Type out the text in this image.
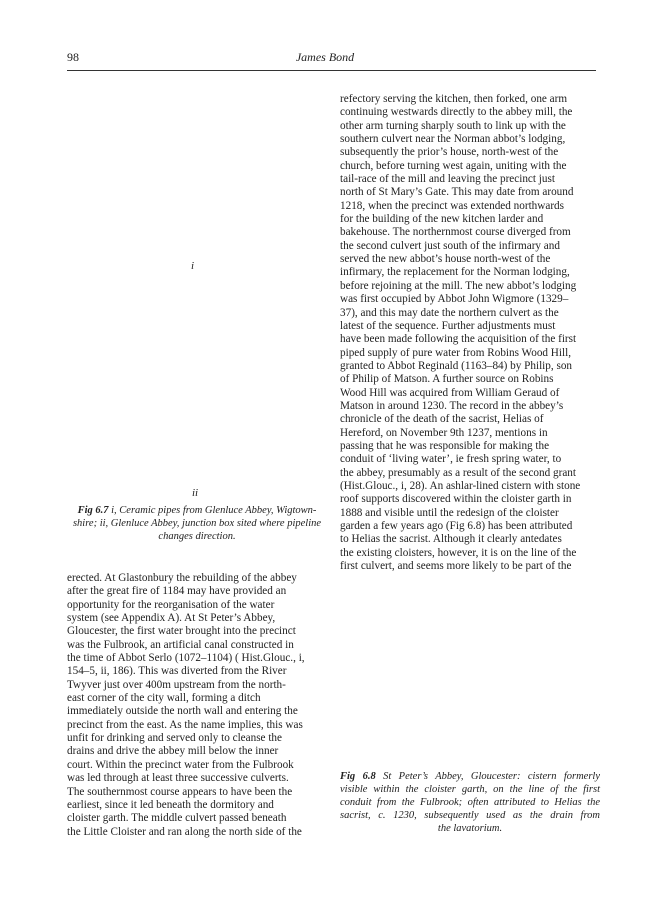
98	James Bond
i
ii

Fig 6.7 i, Ceramic pipes from Glenluce Abbey, Wigtown-

shire; ii, Glenluce Abbey, junction box sited where pipeline

changes direction.

refectory serving the kitchen, then forked, one arm

continuing westwards directly to the abbey mill, the

other arm turning sharply south to link up with the

southern culvert near the Norman abbot’s lodging,

subsequently the prior’s house, north-west of the

church, before turning west again, uniting with the

tail-race of the mill and leaving the precinct just

north of St Mary’s Gate. This may date from around

1218, when the precinct was extended northwards

for the building of the new kitchen larder and

bakehouse. The northernmost course diverged from

the second culvert just south of the infirmary and

served the new abbot’s house north-west of the

infirmary, the replacement for the Norman lodging,

before rejoining at the mill. The new abbot’s lodging

was first occupied by Abbot John Wigmore (1329–

37), and this may date the northern culvert as the

latest of the sequence. Further adjustments must

have been made following the acquisition of the first

piped supply of pure water from Robins Wood Hill,

granted to Abbot Reginald (1163–84) by Philip, son

of Philip of Matson. A further source on Robins

Wood Hill was acquired from William Geraud of

Matson in around 1230. The record in the abbey’s

chronicle of the death of the sacrist, Helias of

Hereford, on November 9th 1237, mentions in

passing that he was responsible for making the

conduit of ‘living water’, ie fresh spring water, to

the abbey, presumably as a result of the second grant

(Hist.Glouc., i, 28). An ashlar-lined cistern with stone

roof supports discovered within the cloister garth in

1888 and visible until the redesign of the cloister

garden a few years ago (Fig 6.8) has been attributed

to Helias the sacrist. Although it clearly antedates

the existing cloisters, however, it is on the line of the

first culvert, and seems more likely to be part of the

erected. At Glastonbury the rebuilding of the abbey

after the great fire of 1184 may have provided an

opportunity for the reorganisation of the water

system (see Appendix A). At St Peter’s Abbey,

Gloucester, the first water brought into the precinct

was the Fulbrook, an artificial canal constructed in

the time of Abbot Serlo (1072–1104) ( Hist.Glouc., i,

154–5, ii, 186). This was diverted from the River

Twyver just over 400m upstream from the north-

east corner of the city wall, forming a ditch

immediately outside the north wall and entering the

precinct from the east. As the name implies, this was

unfit for drinking and served only to cleanse the

drains and drive the abbey mill below the inner

court. Within the precinct water from the Fulbrook

was led through at least three successive culverts.

The southernmost course appears to have been the

earliest, since it led beneath the dormitory and

cloister garth. The middle culvert passed beneath

the Little Cloister and ran along the north side of the

Fig 6.8 St Peter’s Abbey, Gloucester: cistern formerly

visible within the cloister garth, on the line of the first

conduit from the Fulbrook; often attributed to Helias the

sacrist, c. 1230, subsequently used as the drain from

the lavatorium.
